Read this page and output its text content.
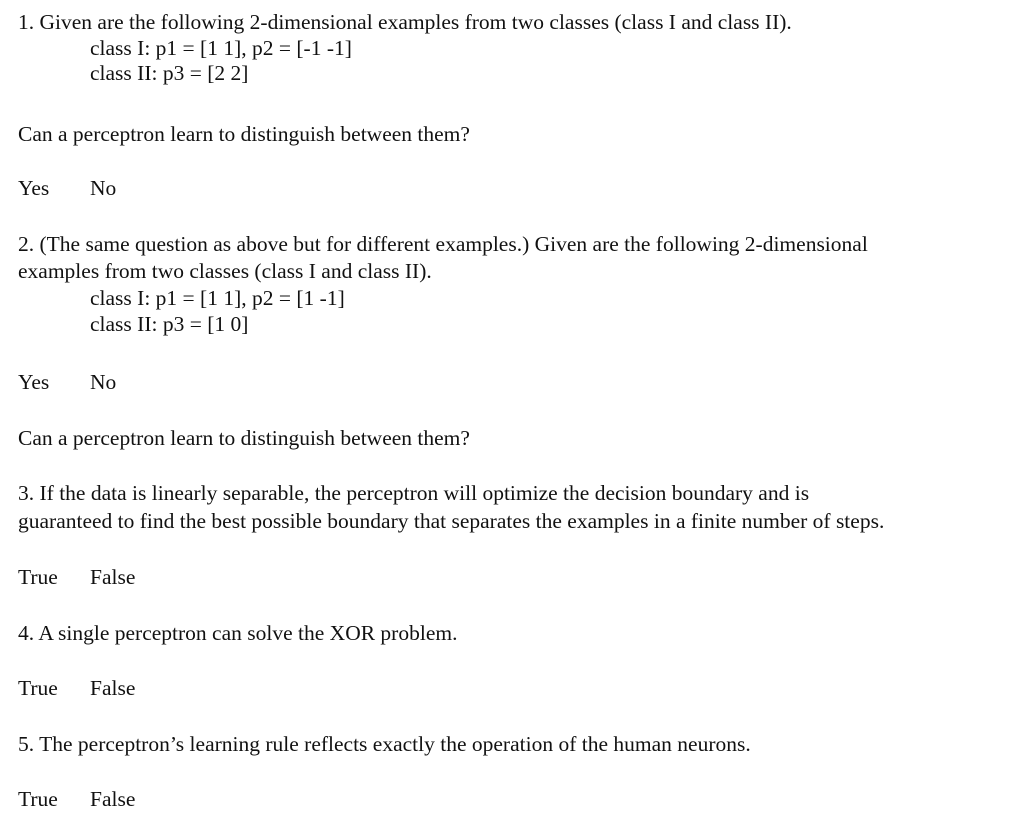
1. Given are the following 2-dimensional examples from two classes (class I and class II).
class I: p1 = [1 1], p2 = [-1 -1]
class II: p3 = [2 2]
Can a perceptron learn to distinguish between them?
Yes No
2. (The same question as above but for different examples.) Given are the following 2-dimensional
examples from two classes (class I and class II).
class I: p1 = [1 1], p2 = [1 -1]
class II: p3 = [1 0]
Yes No
Can a perceptron learn to distinguish between them?
3. If the data is linearly separable, the perceptron will optimize the decision boundary and is
guaranteed to find the best possible boundary that separates the examples in a finite number of steps.
True False
4. A single perceptron can solve the XOR problem.
True False
5. The perceptron’s learning rule reflects exactly the operation of the human neurons.
True False
